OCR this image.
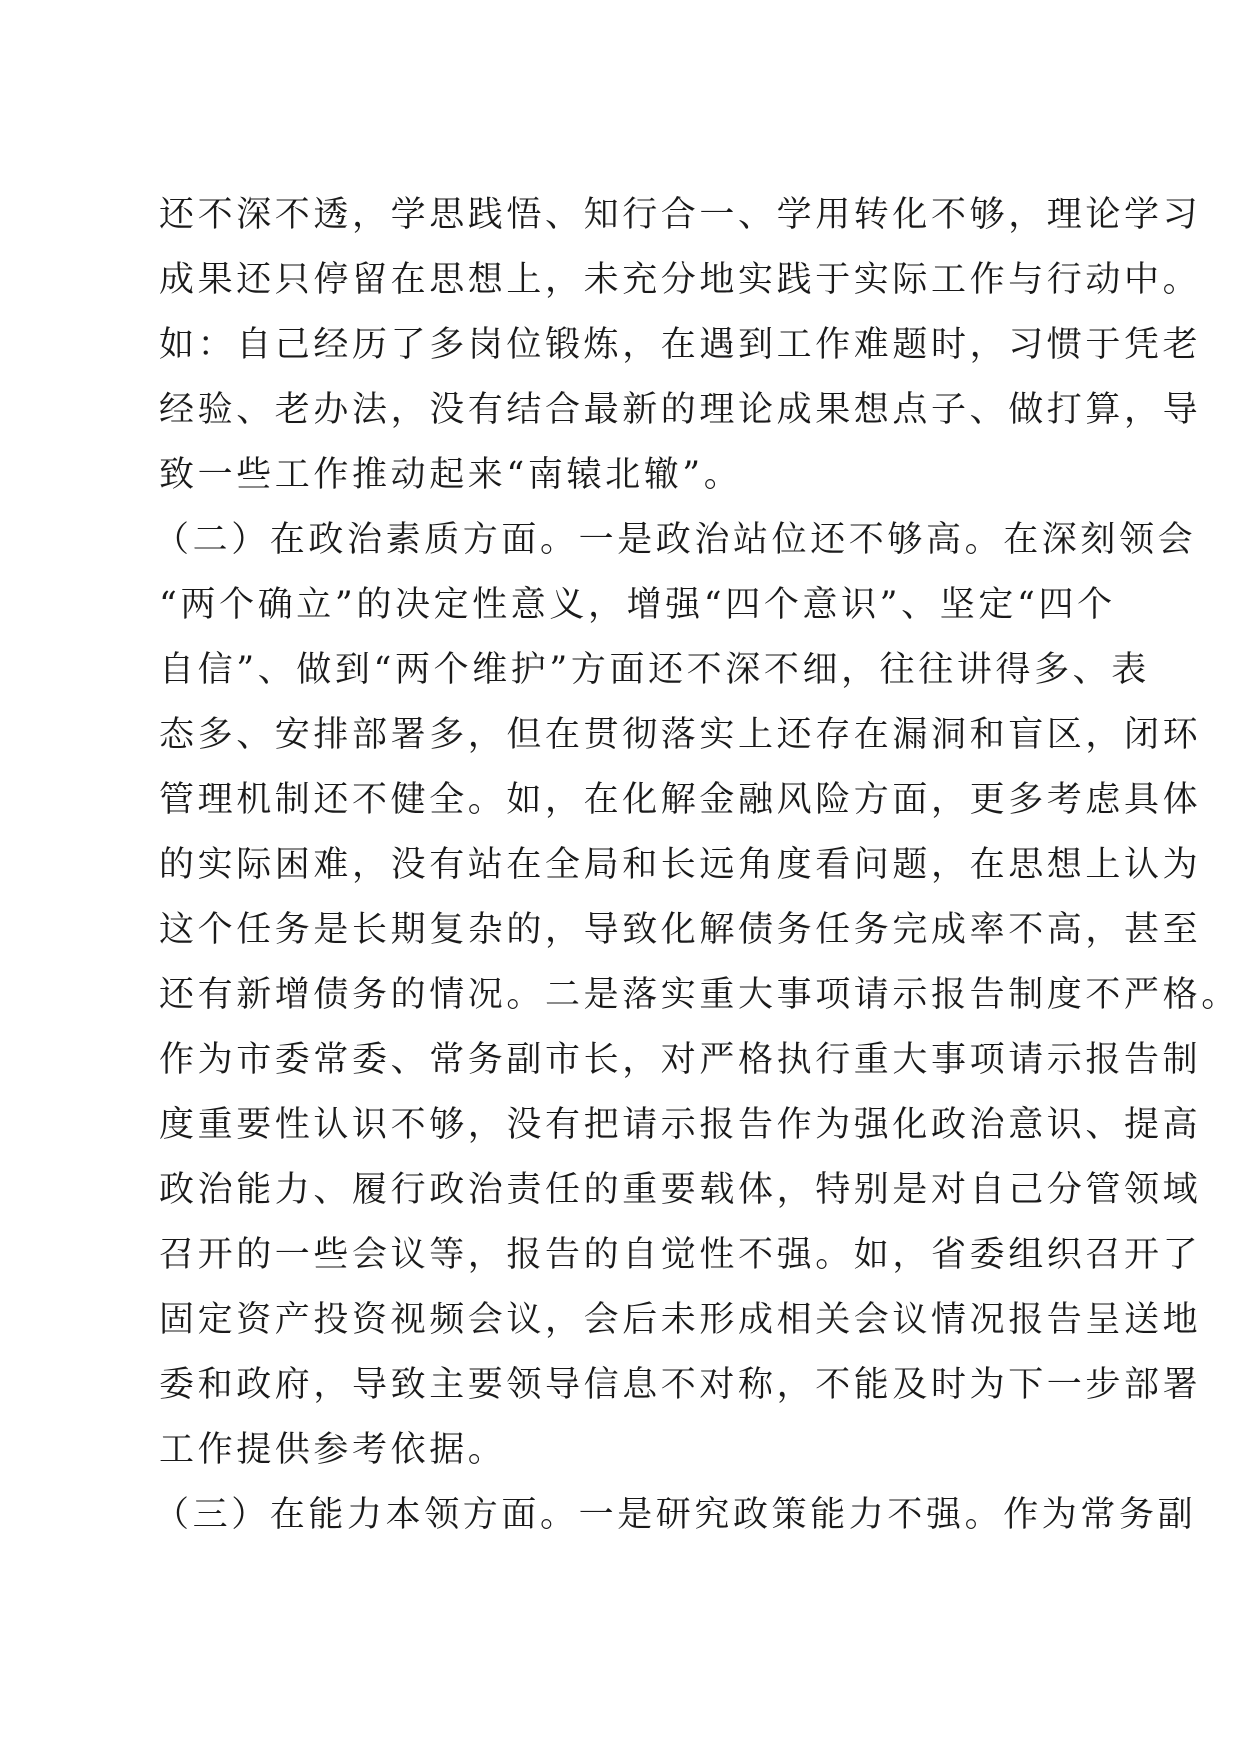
还不深不透，学思践悟、知行合一、学用转化不够，理论学习
成果还只停留在思想上，未充分地实践于实际工作与行动中。
如：自己经历了多岗位锻炼，在遇到工作难题时，习惯于凭老
经验、老办法，没有结合最新的理论成果想点子、做打算，导
致一些工作推动起来“南辕北辙”。
（二）在政治素质方面。一是政治站位还不够高。在深刻领会
“两个确立”的决定性意义，增强“四个意识”、坚定“四个
自信”、做到“两个维护”方面还不深不细，往往讲得多、表
态多、安排部署多，但在贯彻落实上还存在漏洞和盲区，闭环
管理机制还不健全。如，在化解金融风险方面，更多考虑具体
的实际困难，没有站在全局和长远角度看问题，在思想上认为
这个任务是长期复杂的，导致化解债务任务完成率不高，甚至
还有新增债务的情况。二是落实重大事项请示报告制度不严格。
作为市委常委、常务副市长，对严格执行重大事项请示报告制
度重要性认识不够，没有把请示报告作为强化政治意识、提高
政治能力、履行政治责任的重要载体，特别是对自己分管领域
召开的一些会议等，报告的自觉性不强。如，省委组织召开了
固定资产投资视频会议，会后未形成相关会议情况报告呈送地
委和政府，导致主要领导信息不对称，不能及时为下一步部署
工作提供参考依据。
（三）在能力本领方面。一是研究政策能力不强。作为常务副
